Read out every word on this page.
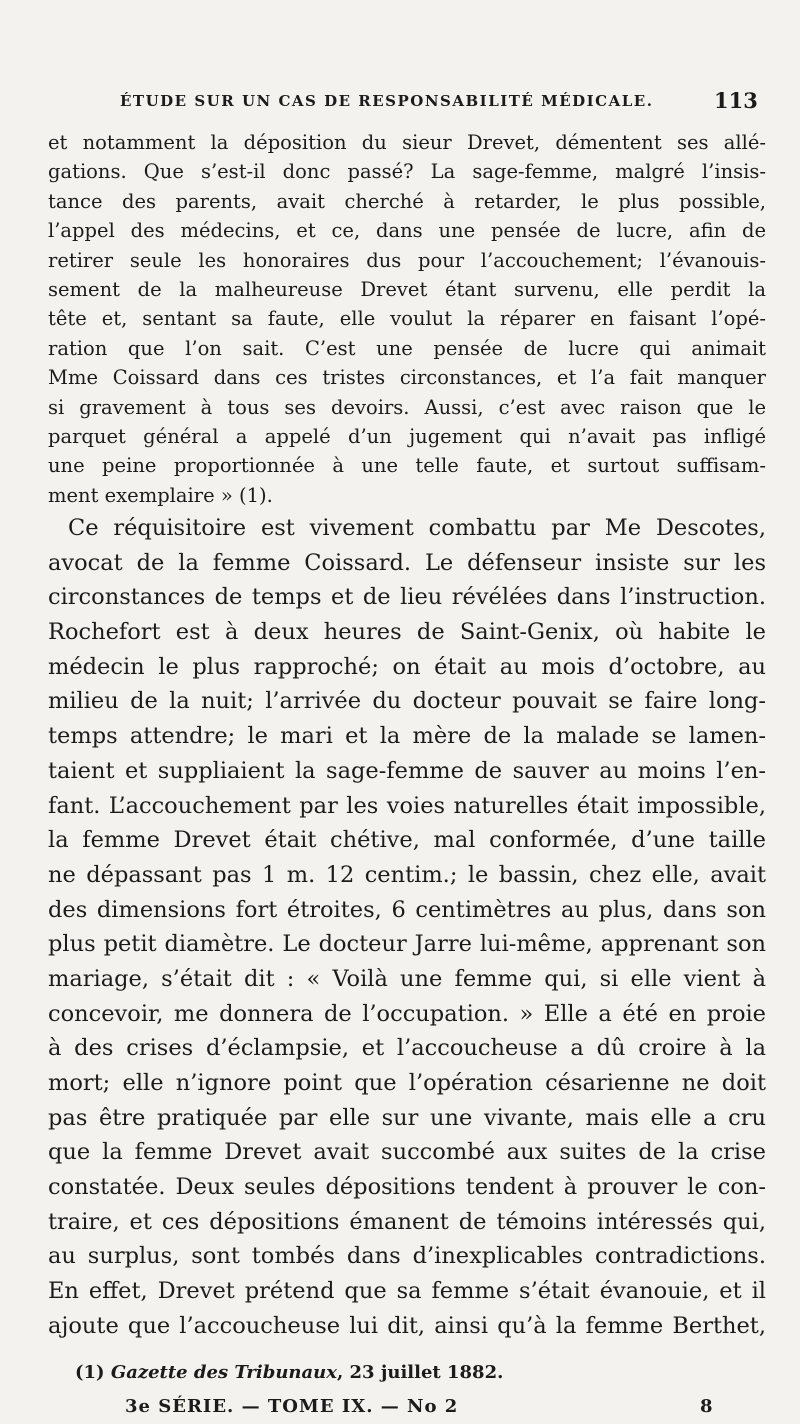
ÉTUDE SUR UN CAS DE RESPONSABILITÉ MÉDICALE.	113
et notamment la déposition du sieur Drevet, démentent ses allé-
gations. Que s’est-il donc passé? La sage-femme, malgré l’insis-
tance des parents, avait cherché à retarder, le plus possible,
l’appel des médecins, et ce, dans une pensée de lucre, afin de
retirer seule les honoraires dus pour l’accouchement; l’évanouis-
sement de la malheureuse Drevet étant survenu, elle perdit la
tête et, sentant sa faute, elle voulut la réparer en faisant l’opé-
ration que l’on sait. C’est une pensée de lucre qui animait
Mme Coissard dans ces tristes circonstances, et l’a fait manquer
si gravement à tous ses devoirs. Aussi, c’est avec raison que le
parquet général a appelé d’un jugement qui n’avait pas infligé
une peine proportionnée à une telle faute, et surtout suffisam-
ment exemplaire » (1).
Ce réquisitoire est vivement combattu par Me Descotes,
avocat de la femme Coissard. Le défenseur insiste sur les
circonstances de temps et de lieu révélées dans l’instruction.
Rochefort est à deux heures de Saint-Genix, où habite le
médecin le plus rapproché; on était au mois d’octobre, au
milieu de la nuit; l’arrivée du docteur pouvait se faire long-
temps attendre; le mari et la mère de la malade se lamen-
taient et suppliaient la sage-femme de sauver au moins l’en-
fant. L’accouchement par les voies naturelles était impossible,
la femme Drevet était chétive, mal conformée, d’une taille
ne dépassant pas 1 m. 12 centim.; le bassin, chez elle, avait
des dimensions fort étroites, 6 centimètres au plus, dans son
plus petit diamètre. Le docteur Jarre lui-même, apprenant son
mariage, s’était dit : « Voilà une femme qui, si elle vient à
concevoir, me donnera de l’occupation. » Elle a été en proie
à des crises d’éclampsie, et l’accoucheuse a dû croire à la
mort; elle n’ignore point que l’opération césarienne ne doit
pas être pratiquée par elle sur une vivante, mais elle a cru
que la femme Drevet avait succombé aux suites de la crise
constatée. Deux seules dépositions tendent à prouver le con-
traire, et ces dépositions émanent de témoins intéressés qui,
au surplus, sont tombés dans d’inexplicables contradictions.
En effet, Drevet prétend que sa femme s’était évanouie, et il
ajoute que l’accoucheuse lui dit, ainsi qu’à la femme Berthet,
(1) Gazette des Tribunaux, 23 juillet 1882.
3e SÉRIE. — TOME IX. — No 2	8
